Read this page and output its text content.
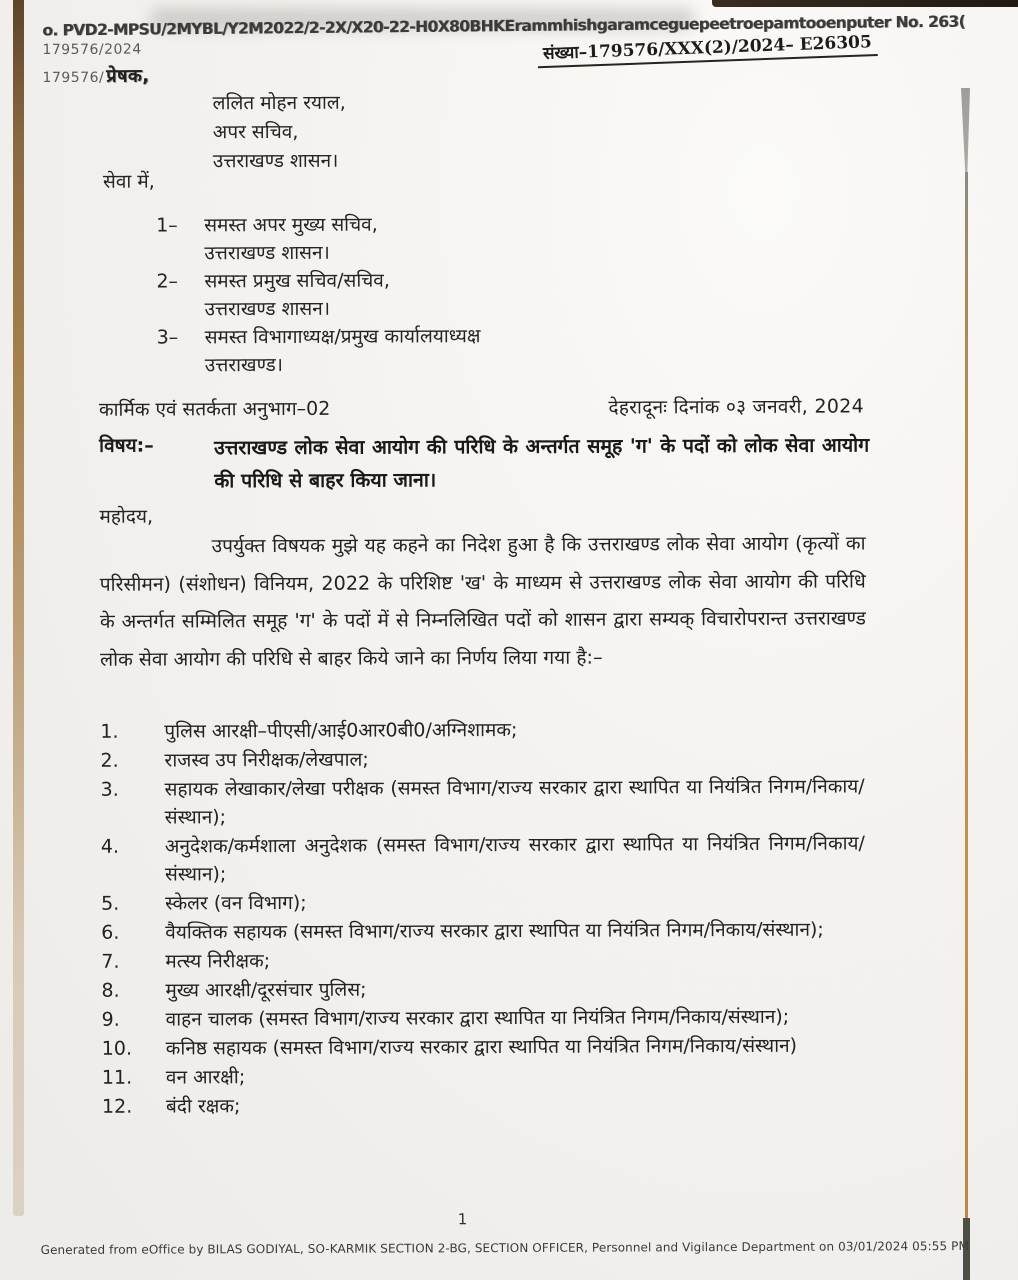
o. PVD2-MPSU/2MYBL/Y2M2022/2-2X/X20-22-H0X80BHKErammhishgaramceguepeetroepamtooenputer No. 263(
179576/2024	संख्या–179576/XXX(2)/2024– E26305
179576/ प्रेषक,
ललित मोहन रयाल,
अपर सचिव,
उत्तराखण्ड शासन।
सेवा में,
1–	समस्त अपर मुख्य सचिव,
उत्तराखण्ड शासन।
2–	समस्त प्रमुख सचिव/सचिव,
उत्तराखण्ड शासन।
3–	समस्त विभागाध्यक्ष/प्रमुख कार्यालयाध्यक्ष
उत्तराखण्ड।
कार्मिक एवं सतर्कता अनुभाग–02	देहरादूनः दिनांक ०३ जनवरी, 2024
विषय:–	उत्तराखण्ड लोक सेवा आयोग की परिधि के अन्तर्गत समूह 'ग' के पदों को लोक सेवा आयोग की परिधि से बाहर किया जाना।
महोदय,
उपर्युक्त विषयक मुझे यह कहने का निदेश हुआ है कि उत्तराखण्ड लोक सेवा आयोग (कृत्यों का परिसीमन) (संशोधन) विनियम, 2022 के परिशिष्ट 'ख' के माध्यम से उत्तराखण्ड लोक सेवा आयोग की परिधि के अन्तर्गत सम्मिलित समूह 'ग' के पदों में से निम्नलिखित पदों को शासन द्वारा सम्यक् विचारोपरान्त उत्तराखण्ड लोक सेवा आयोग की परिधि से बाहर किये जाने का निर्णय लिया गया है:–
1.	पुलिस आरक्षी–पीएसी/आई0आर0बी0/अग्निशामक;
2.	राजस्व उप निरीक्षक/लेखपाल;
3.	सहायक लेखाकार/लेखा परीक्षक (समस्त विभाग/राज्य सरकार द्वारा स्थापित या नियंत्रित निगम/निकाय/संस्थान);
4.	अनुदेशक/कर्मशाला अनुदेशक (समस्त विभाग/राज्य सरकार द्वारा स्थापित या नियंत्रित निगम/निकाय/संस्थान);
5.	स्केलर (वन विभाग);
6.	वैयक्तिक सहायक (समस्त विभाग/राज्य सरकार द्वारा स्थापित या नियंत्रित निगम/निकाय/संस्थान);
7.	मत्स्य निरीक्षक;
8.	मुख्य आरक्षी/दूरसंचार पुलिस;
9.	वाहन चालक (समस्त विभाग/राज्य सरकार द्वारा स्थापित या नियंत्रित निगम/निकाय/संस्थान);
10.	कनिष्ठ सहायक (समस्त विभाग/राज्य सरकार द्वारा स्थापित या नियंत्रित निगम/निकाय/संस्थान)
11.	वन आरक्षी;
12.	बंदी रक्षक;
1
Generated from eOffice by BILAS GODIYAL, SO-KARMIK SECTION 2-BG, SECTION OFFICER, Personnel and Vigilance Department on 03/01/2024 05:55 PM
